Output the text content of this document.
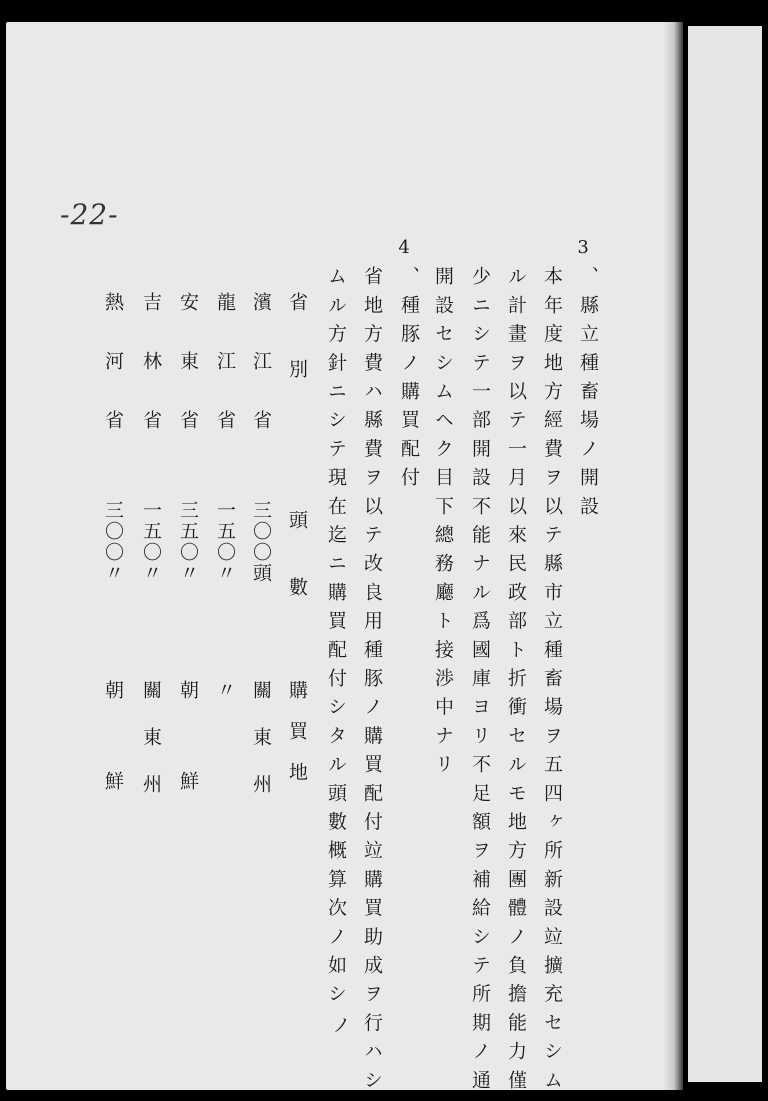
-22-
3、縣立種畜場ノ開設
本年度地方經費ヲ以テ縣市立種畜場ヲ五四ヶ所新設竝擴充セシム
ル計畫ヲ以テ一月以來民政部ト折衝セルモ地方團體ノ負擔能力僅
少ニシテ一部開設不能ナル爲國庫ヨリ不足額ヲ補給シテ所期ノ通
開設セシムヘク目下總務廳ト接渉中ナリ
4、種豚ノ購買配付
省地方費ハ縣費ヲ以テ改良用種豚ノ購買配付竝購買助成ヲ行ハシ
ムル方針ニシテ現在迄ニ購買配付シタル頭數概算次ノ如シ
ノ
省別
頭數
購買地
濱江省
三〇〇頭
關東州
龍江省
一五〇〃
〃
安東省
三五〇〃
朝鮮
吉林省
一五〇〃
關東州
熱河省
三〇〇〃
朝鮮
